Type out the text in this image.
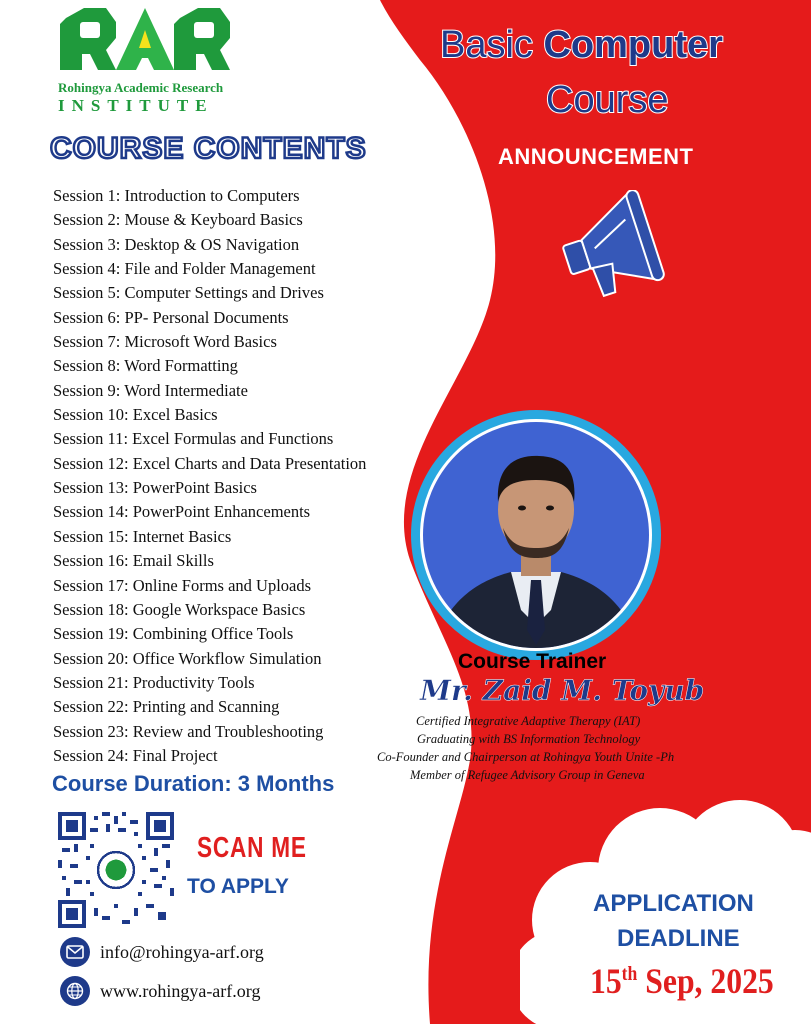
RAR
Rohingya Academic Research
INSTITUTE
COURSE CONTENTS
Session 1: Introduction to Computers
Session 2: Mouse & Keyboard Basics
Session 3: Desktop & OS Navigation
Session 4: File and Folder Management
Session 5: Computer Settings and Drives
Session 6: PP- Personal Documents
Session 7: Microsoft Word Basics
Session 8: Word Formatting
Session 9: Word Intermediate
Session 10: Excel Basics
Session 11: Excel Formulas and Functions
Session 12: Excel Charts and Data Presentation
Session 13: PowerPoint Basics
Session 14: PowerPoint Enhancements
Session 15: Internet Basics
Session 16: Email Skills
Session 17: Online Forms and Uploads
Session 18: Google Workspace Basics
Session 19: Combining Office Tools
Session 20: Office Workflow Simulation
Session 21: Productivity Tools
Session 22: Printing and Scanning
Session 23: Review and Troubleshooting
Session 24: Final Project
Course Duration: 3 Months
SCAN ME
TO APPLY
info@rohingya-arf.org
www.rohingya-arf.org
Basic Computer
Course
ANNOUNCEMENT
Course Trainer
Mr. Zaid M. Toyub
Certified Integrative Adaptive Therapy (IAT)
Graduating with BS Information Technology
Co-Founder and Chairperson at Rohingya Youth Unite -Ph
Member of Refugee Advisory Group in Geneva
APPLICATION
DEADLINE
15th Sep, 2025
